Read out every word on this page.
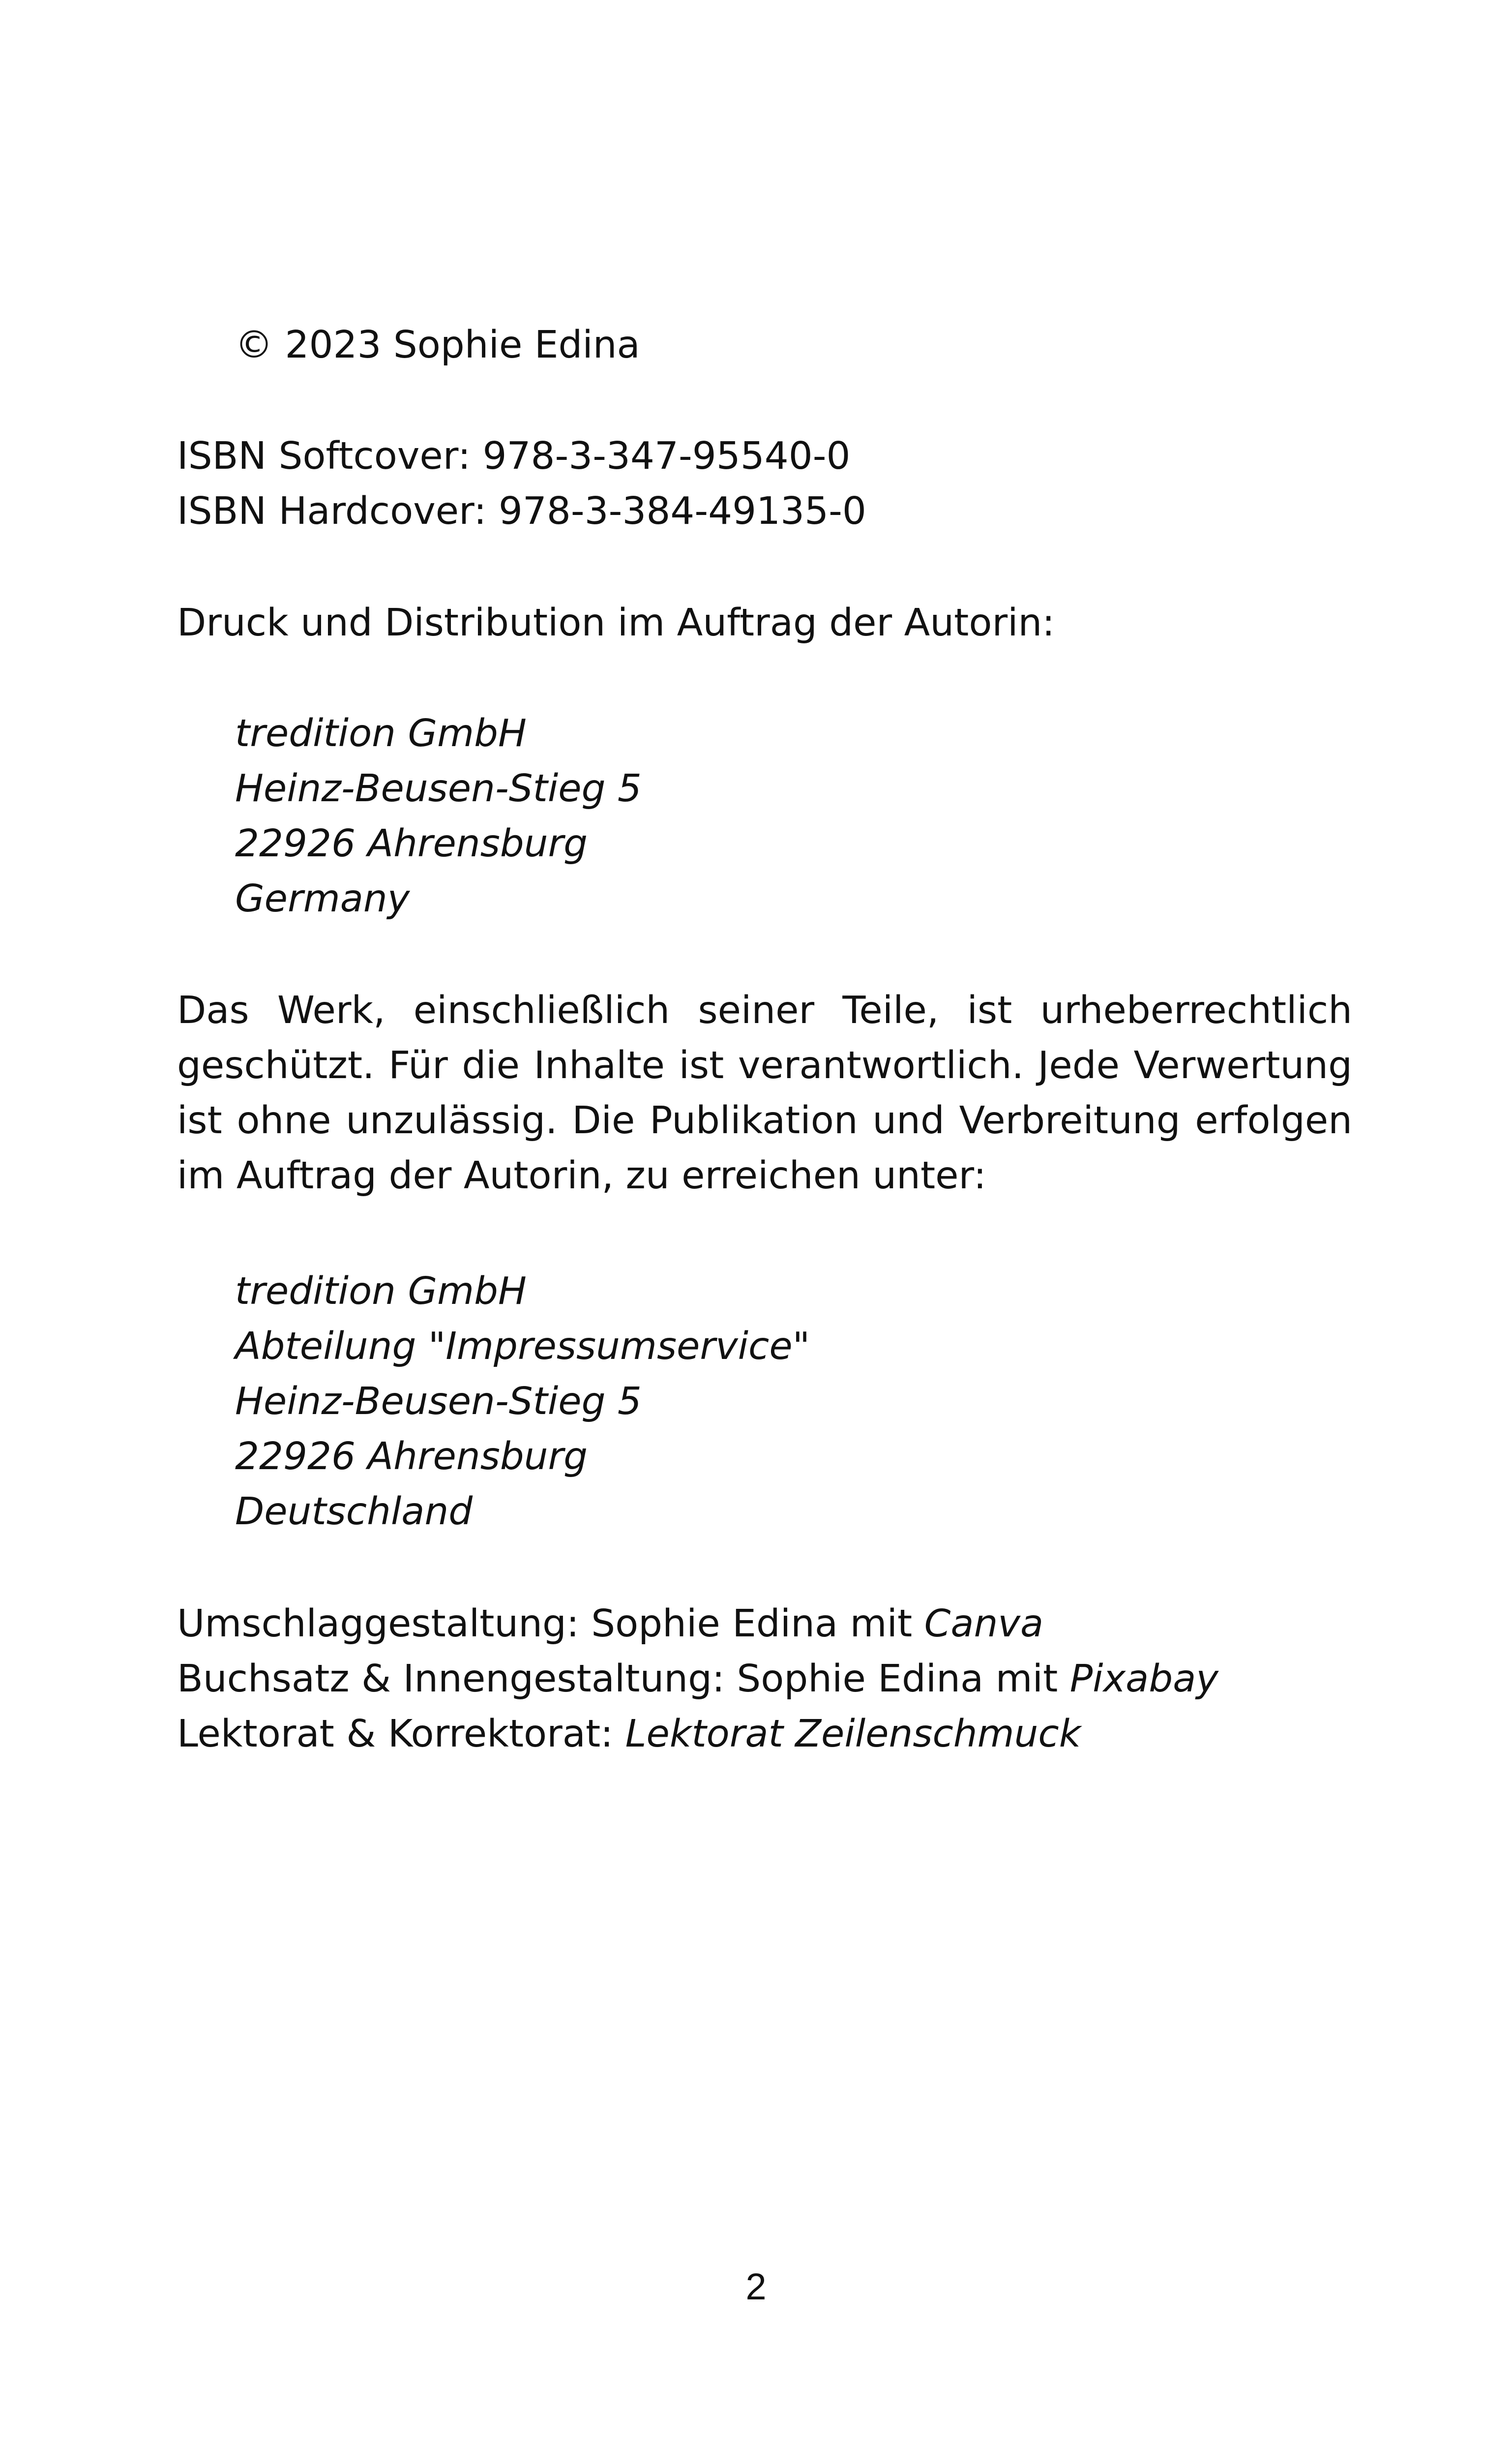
© 2023 Sophie Edina
ISBN Softcover: 978-3-347-95540-0
ISBN Hardcover: 978-3-384-49135-0
Druck und Distribution im Auftrag der Autorin:
tredition GmbH
Heinz-Beusen-Stieg 5
22926 Ahrensburg
Germany

Das Werk, einschließlich seiner Teile, ist urheberrechtlich geschützt. Für die Inhalte ist verantwortlich. Jede Verwertung ist ohne unzulässig. Die Publikation und Verbreitung erfolgen im Auftrag der Autorin, zu erreichen unter:

tredition GmbH
Abteilung "Impressumservice"
Heinz-Beusen-Stieg 5
22926 Ahrensburg
Deutschland
Umschlaggestaltung: Sophie Edina mit Canva
Buchsatz & Innengestaltung: Sophie Edina mit Pixabay
Lektorat & Korrektorat: Lektorat Zeilenschmuck
2
